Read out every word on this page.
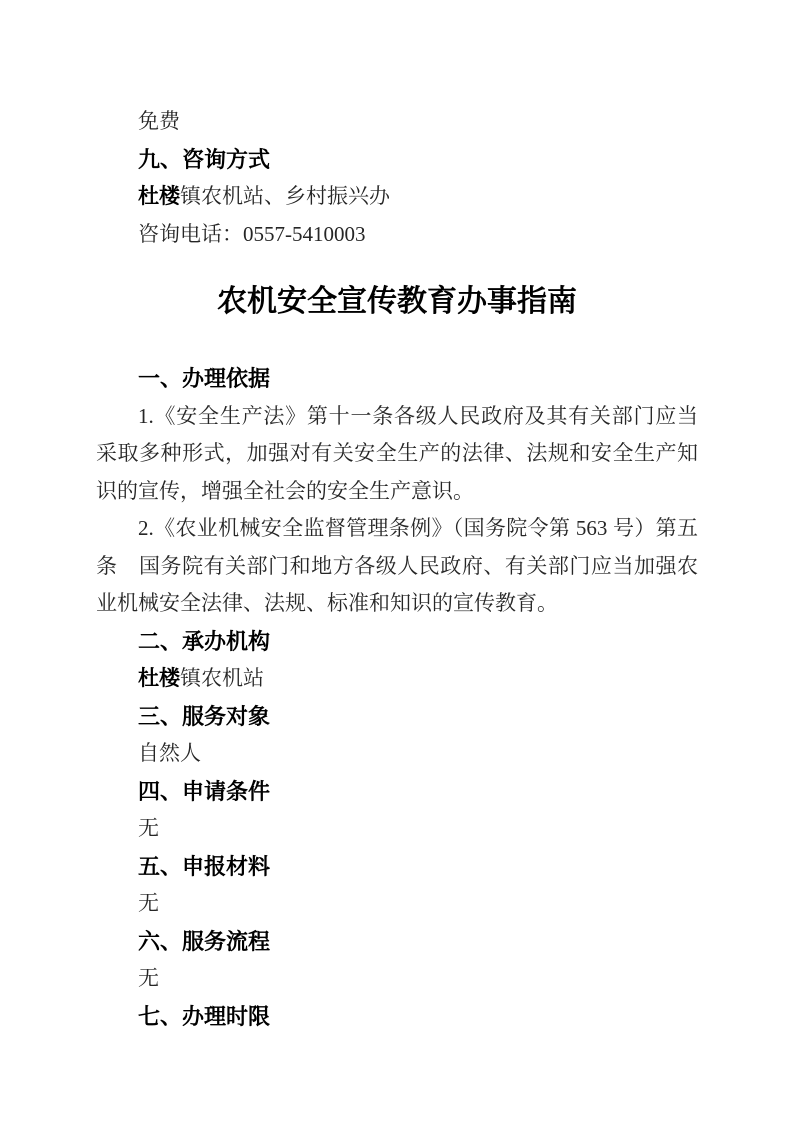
免费

九、咨询方式

杜楼镇农机站、乡村振兴办

咨询电话：0557-5410003

农机安全宣传教育办事指南

一、办理依据

1.《安全生产法》第十一条各级人民政府及其有关部门应当采取多种形式，加强对有关安全生产的法律、法规和安全生产知识的宣传，增强全社会的安全生产意识。

2.《农业机械安全监督管理条例》（国务院令第 563 号）第五条　国务院有关部门和地方各级人民政府、有关部门应当加强农业机械安全法律、法规、标准和知识的宣传教育。

二、承办机构

杜楼镇农机站

三、服务对象

自然人

四、申请条件

无

五、申报材料

无

六、服务流程

无

七、办理时限
